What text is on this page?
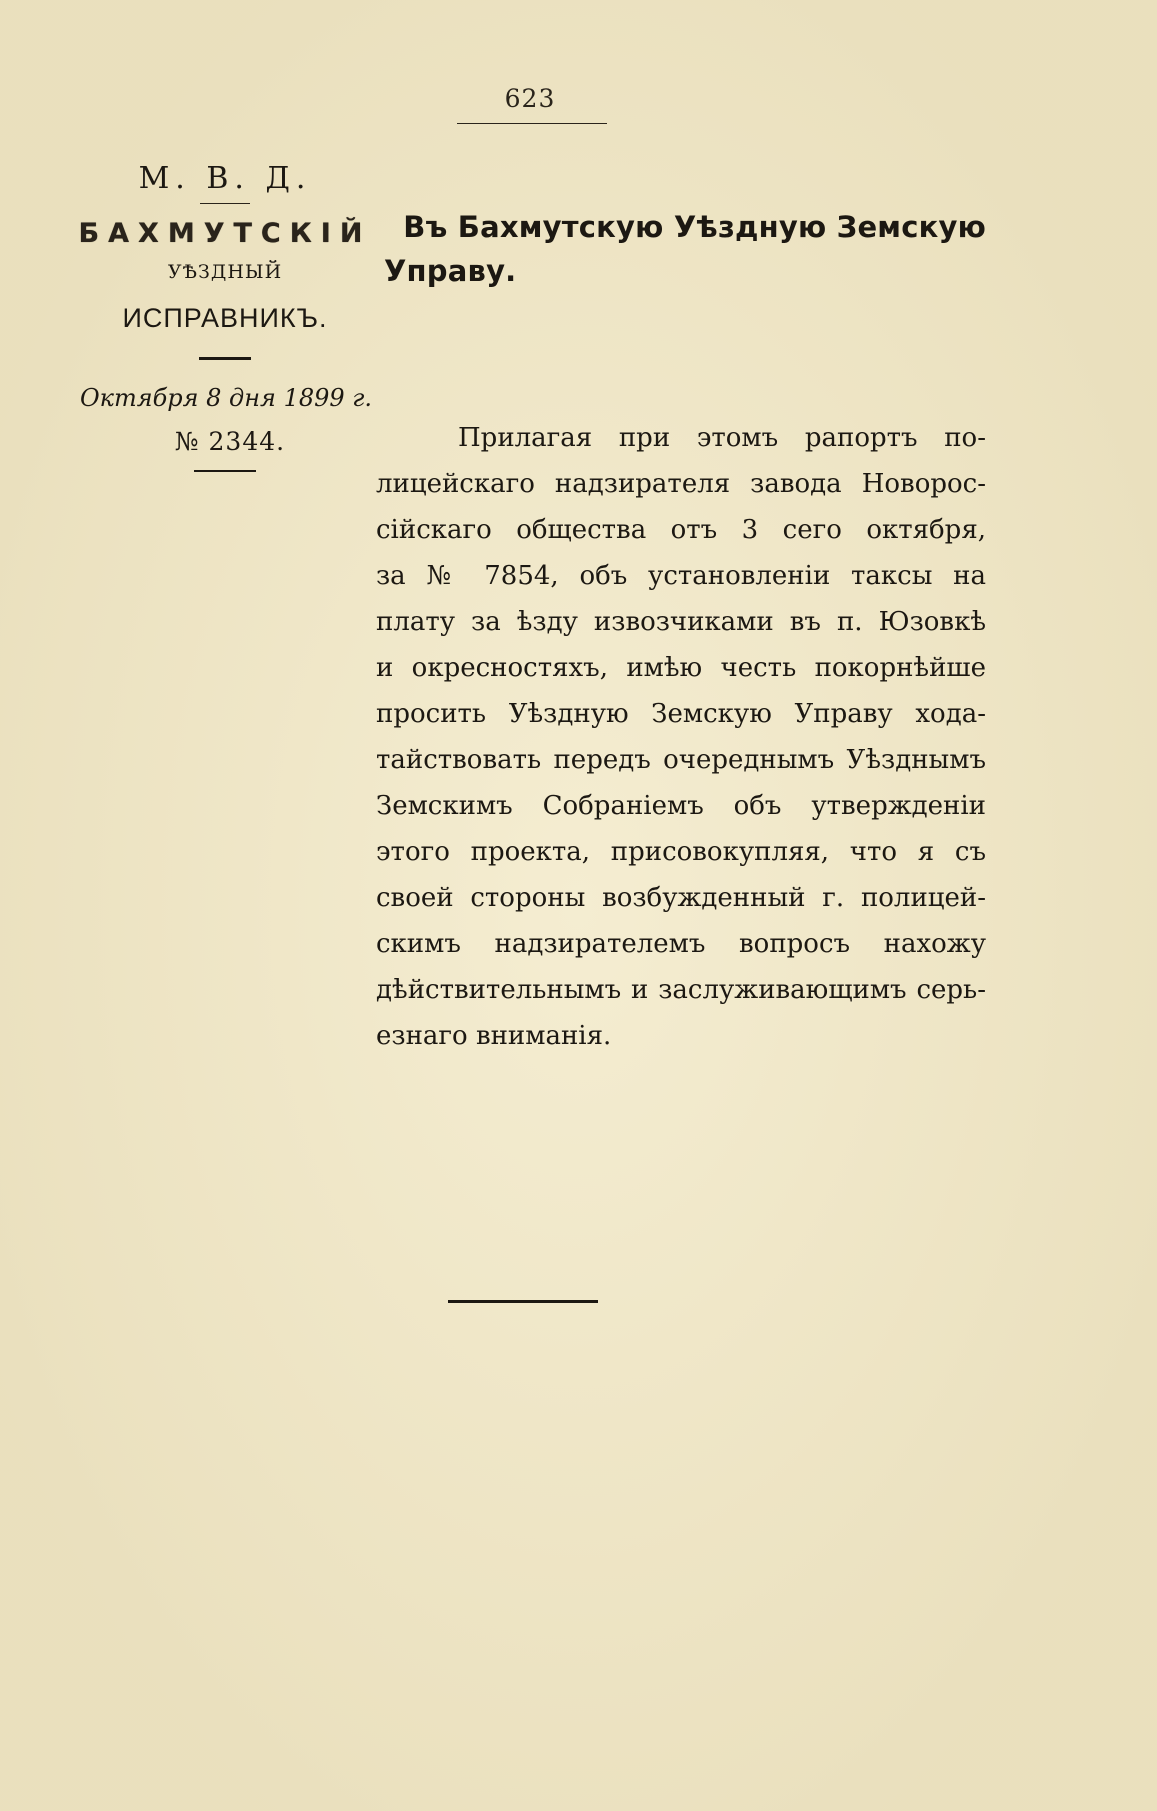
623

М. В. Д.

БАХМУТСКІЙ
УѢЗДНЫЙ
ИСПРАВНИКЪ.
Октября 8 дня 1899 г.
№ 2344.
Въ Бахмутскую Уѣздную Земскую
Управу.
Прилагая при этомъ рапортъ по-
лицейскаго надзирателя завода Новорос-
сійскаго общества отъ 3 сего октября,
за № 7854, объ установленіи таксы на
плату за ѣзду извозчиками въ п. Юзовкѣ
и окресностяхъ, имѣю честь покорнѣйше
просить Уѣздную Земскую Управу хода-
тайствовать передъ очереднымъ Уѣзднымъ
Земскимъ Собраніемъ объ утвержденіи
этого проекта, присовокупляя, что я съ
своей стороны возбужденный г. полицей-
скимъ надзирателемъ вопросъ нахожу
дѣйствительнымъ и заслуживающимъ серь-
езнаго вниманія.
